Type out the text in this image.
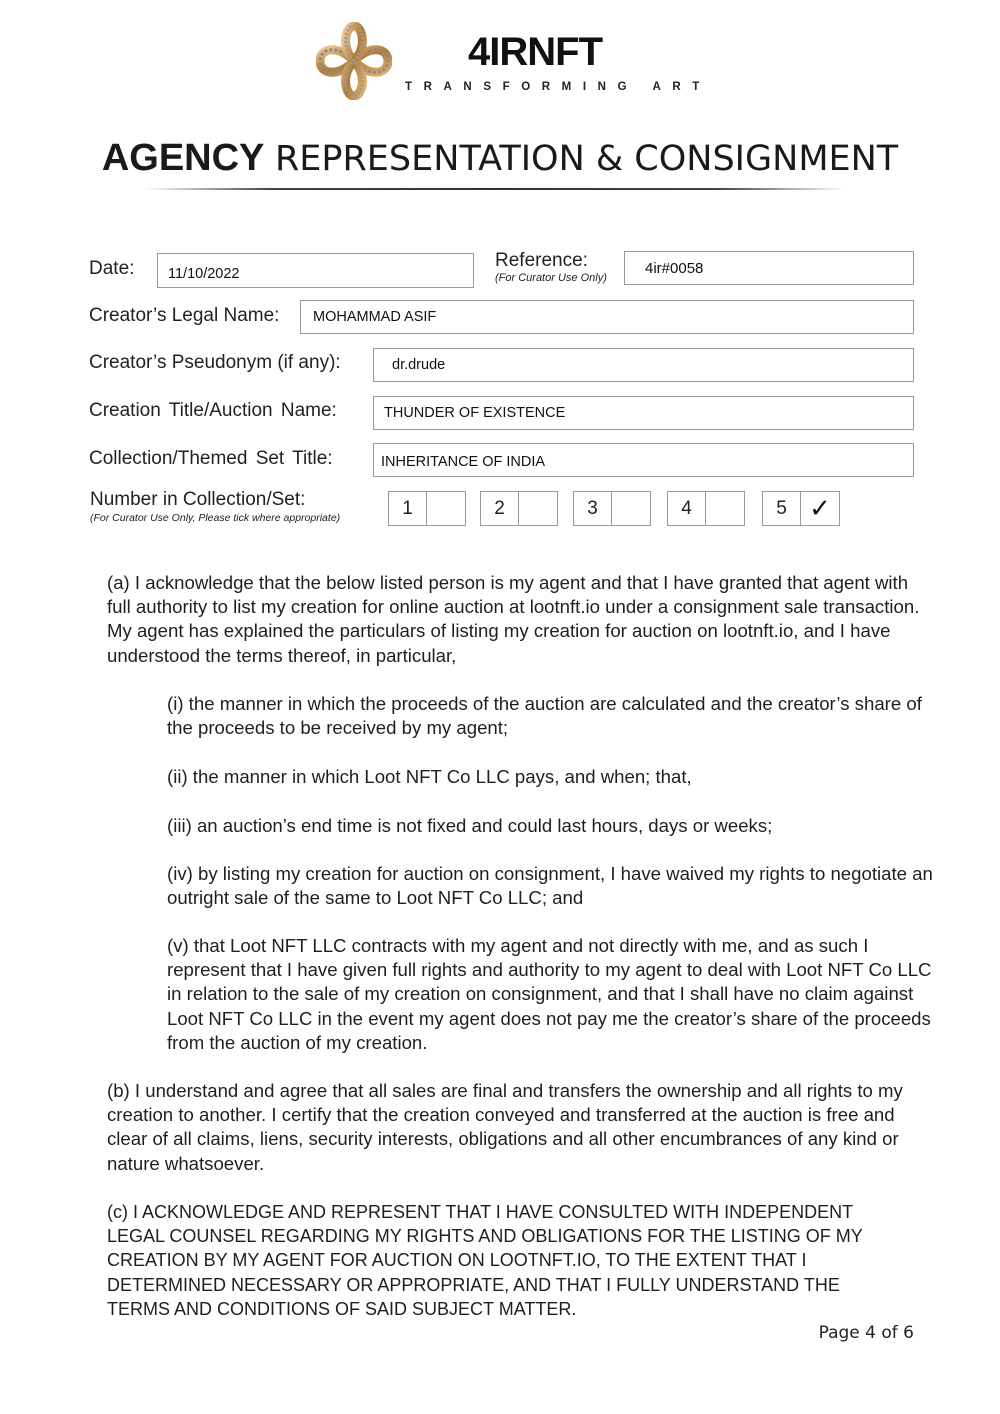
4IRNFT
TRANSFORMING ART
AGENCY REPRESENTATION & CONSIGNMENT
Date:	11/10/2022
Reference:
(For Curator Use Only)
4ir#0058
Creator’s Legal Name:	MOHAMMAD ASIF
Creator’s Pseudonym (if any):	dr.drude
Creation Title/Auction Name:	THUNDER OF EXISTENCE
Collection/Themed Set Title:	INHERITANCE OF INDIA
Number in Collection/Set:
(For Curator Use Only, Please tick where appropriate)	1	2	3	4	5 ✓

(a) I acknowledge that the below listed person is my agent and that I have granted that agent with full authority to list my creation for online auction at lootnft.io under a consignment sale transaction. My agent has explained the particulars of listing my creation for auction on lootnft.io, and I have understood the terms thereof, in particular,

(i) the manner in which the proceeds of the auction are calculated and the creator’s share of the proceeds to be received by my agent;

(ii) the manner in which Loot NFT Co LLC pays, and when; that,

(iii) an auction’s end time is not fixed and could last hours, days or weeks;

(iv) by listing my creation for auction on consignment, I have waived my rights to negotiate an outright sale of the same to Loot NFT Co LLC; and

(v) that Loot NFT LLC contracts with my agent and not directly with me, and as such I represent that I have given full rights and authority to my agent to deal with Loot NFT Co LLC in relation to the sale of my creation on consignment, and that I shall have no claim against Loot NFT Co LLC in the event my agent does not pay me the creator’s share of the proceeds from the auction of my creation.

(b) I understand and agree that all sales are final and transfers the ownership and all rights to my creation to another. I certify that the creation conveyed and transferred at the auction is free and clear of all claims, liens, security interests, obligations and all other encumbrances of any kind or nature whatsoever.

(c) I ACKNOWLEDGE AND REPRESENT THAT I HAVE CONSULTED WITH INDEPENDENT LEGAL COUNSEL REGARDING MY RIGHTS AND OBLIGATIONS FOR THE LISTING OF MY CREATION BY MY AGENT FOR AUCTION ON LOOTNFT.IO, TO THE EXTENT THAT I DETERMINED NECESSARY OR APPROPRIATE, AND THAT I FULLY UNDERSTAND THE TERMS AND CONDITIONS OF SAID SUBJECT MATTER.

Page 4 of 6
